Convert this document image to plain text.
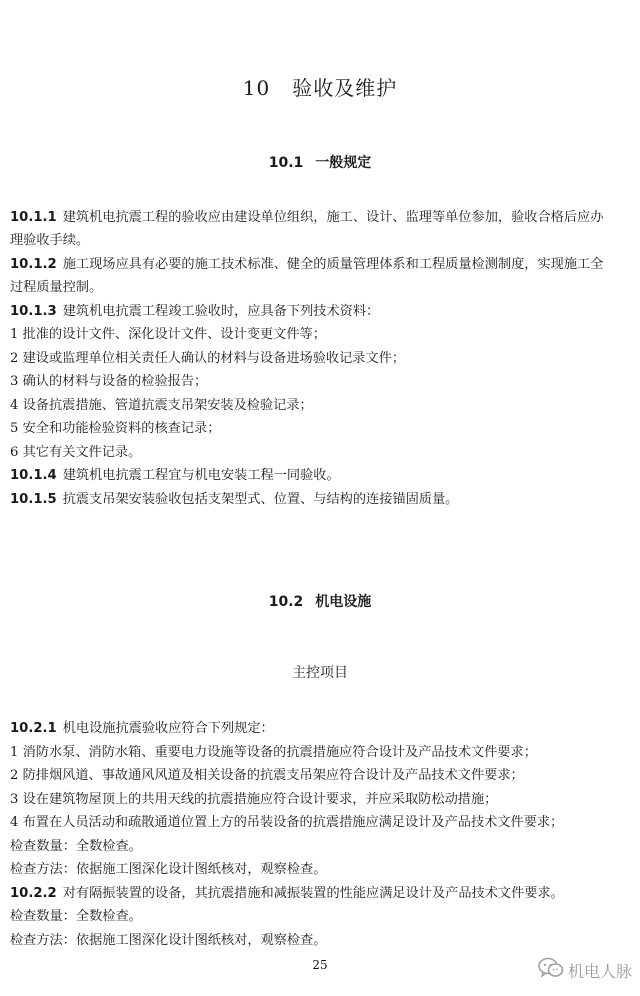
10 验收及维护
10.1 一般规定
10.1.1 建筑机电抗震工程的验收应由建设单位组织，施工、设计、监理等单位参加，验收合格后应办
理验收手续。
10.1.2 施工现场应具有必要的施工技术标准、健全的质量管理体系和工程质量检测制度，实现施工全
过程质量控制。
10.1.3 建筑机电抗震工程竣工验收时，应具备下列技术资料：
1 批准的设计文件、深化设计文件、设计变更文件等；
2 建设或监理单位相关责任人确认的材料与设备进场验收记录文件；
3 确认的材料与设备的检验报告；
4 设备抗震措施、管道抗震支吊架安装及检验记录；
5 安全和功能检验资料的核查记录；
6 其它有关文件记录。
10.1.4 建筑机电抗震工程宜与机电安装工程一同验收。
10.1.5 抗震支吊架安装验收包括支架型式、位置、与结构的连接锚固质量。
10.2 机电设施
主控项目
10.2.1 机电设施抗震验收应符合下列规定：
1 消防水泵、消防水箱、重要电力设施等设备的抗震措施应符合设计及产品技术文件要求；
2 防排烟风道、事故通风风道及相关设备的抗震支吊架应符合设计及产品技术文件要求；
3 设在建筑物屋顶上的共用天线的抗震措施应符合设计要求，并应采取防松动措施；
4 布置在人员活动和疏散通道位置上方的吊装设备的抗震措施应满足设计及产品技术文件要求；
检查数量：全数检查。
检查方法：依据施工图深化设计图纸核对，观察检查。
10.2.2 对有隔振装置的设备，其抗震措施和减振装置的性能应满足设计及产品技术文件要求。
检查数量：全数检查。
检查方法：依据施工图深化设计图纸核对，观察检查。
25	机电人脉
